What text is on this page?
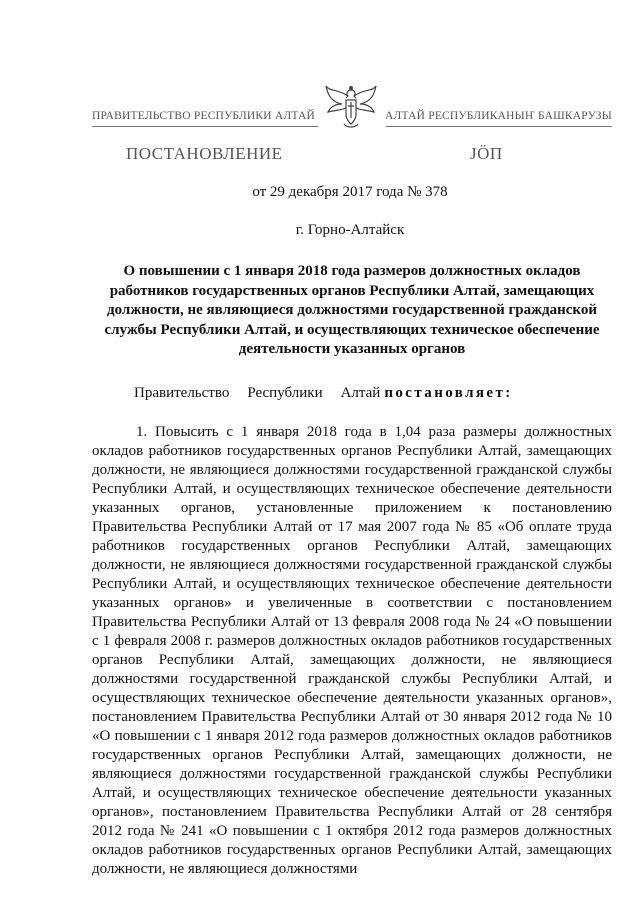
ПРАВИТЕЛЬСТВО РЕСПУБЛИКИ АЛТАЙ	АЛТАЙ РЕСПУБЛИКАНЫҤ БАШКАРУЗЫ
ПОСТАНОВЛЕНИЕ	JÖП
от 29 декабря 2017 года № 378
г. Горно-Алтайск
О повышении с 1 января 2018 года размеров должностных окладов работников государственных органов Республики Алтай, замещающих должности, не являющиеся должностями государственной гражданской службы Республики Алтай, и осуществляющих техническое обеспечение деятельности указанных органов
Правительство Республики Алтай постановляет:

1. Повысить с 1 января 2018 года в 1,04 раза размеры должностных окладов работников государственных органов Республики Алтай, замещающих должности, не являющиеся должностями государственной гражданской службы Республики Алтай, и осуществляющих техническое обеспечение деятельности указанных органов, установленные приложением к постановлению Правительства Республики Алтай от 17 мая 2007 года № 85 «Об оплате труда работников государственных органов Республики Алтай, замещающих должности, не являющиеся должностями государственной гражданской службы Республики Алтай, и осуществляющих техническое обеспечение деятельности указанных органов» и увеличенные в соответствии с постановлением Правительства Республики Алтай от 13 февраля 2008 года № 24 «О повышении с 1 февраля 2008 г. размеров должностных окладов работников государственных органов Республики Алтай, замещающих должности, не являющиеся должностями государственной гражданской службы Республики Алтай, и осуществляющих техническое обеспечение деятельности указанных органов», постановлением Правительства Республики Алтай от 30 января 2012 года № 10 «О повышении с 1 января 2012 года размеров должностных окладов работников государственных органов Республики Алтай, замещающих должности, не являющиеся должностями государственной гражданской службы Республики Алтай, и осуществляющих техническое обеспечение деятельности указанных органов», постановлением Правительства Республики Алтай от 28 сентября 2012 года № 241 «О повышении с 1 октября 2012 года размеров должностных окладов работников государственных органов Республики Алтай, замещающих должности, не являющиеся должностями
